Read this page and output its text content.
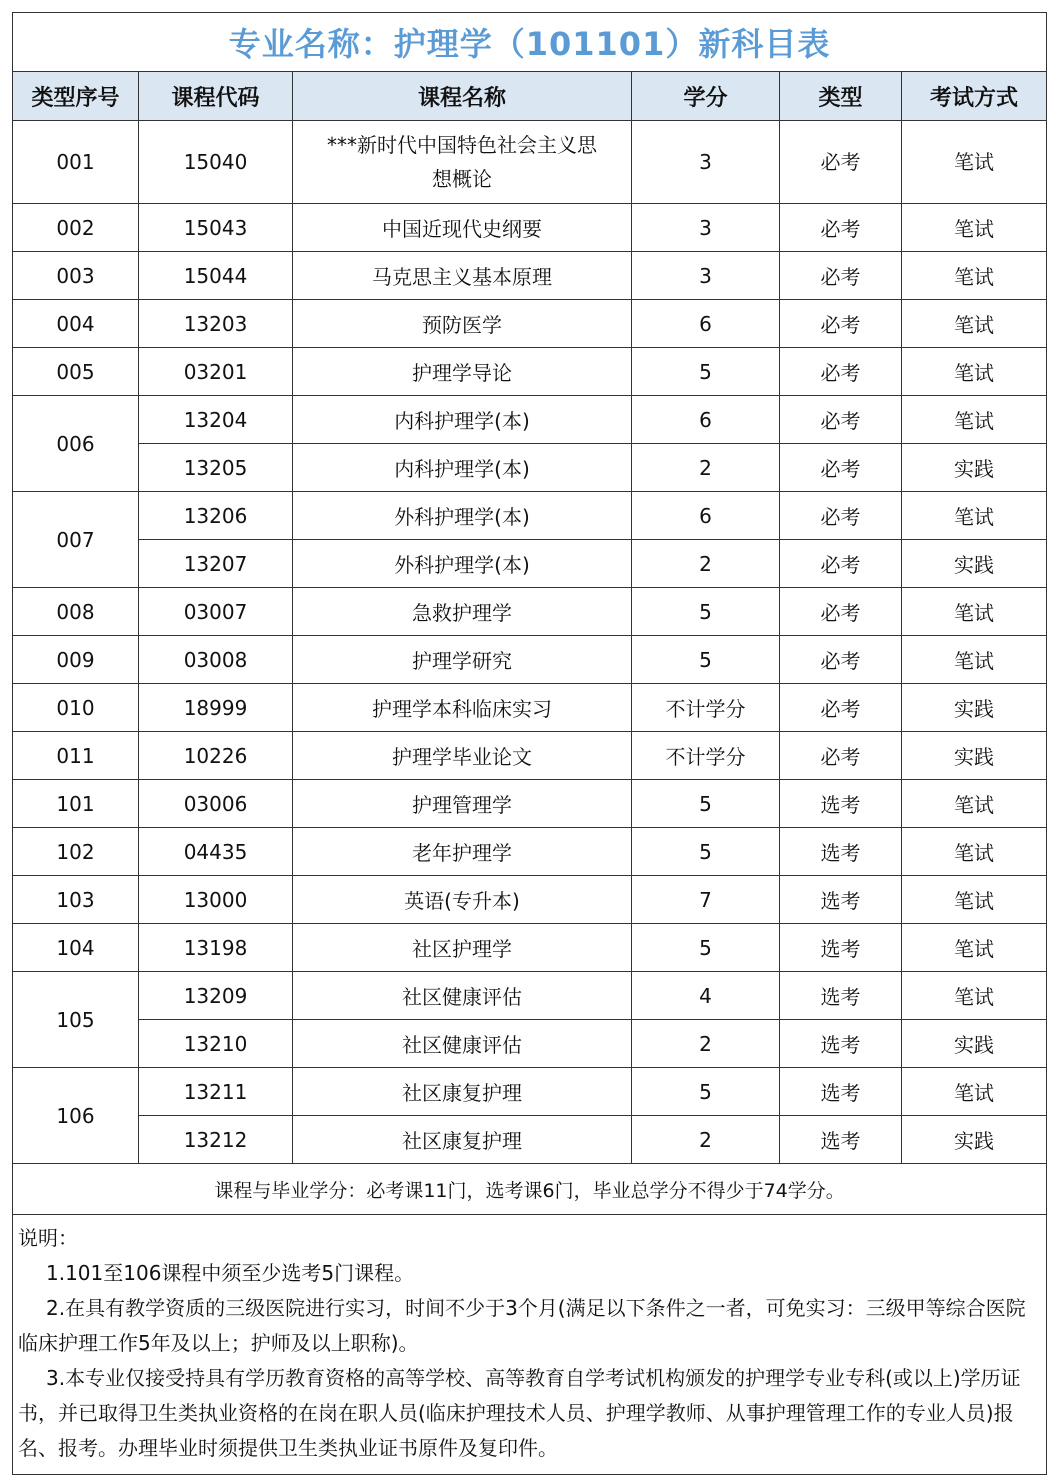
专业名称：护理学（101101）新科目表					
类型序号	课程代码	课程名称	学分	类型	考试方式
001	15040	***新时代中国特色社会主义思想概论	3	必考	笔试
002	15043	中国近现代史纲要	3	必考	笔试
003	15044	马克思主义基本原理	3	必考	笔试
004	13203	预防医学	6	必考	笔试
005	03201	护理学导论	5	必考	笔试
006	13204	内科护理学(本)	6	必考	笔试
	13205	内科护理学(本)	2	必考	实践
007	13206	外科护理学(本)	6	必考	笔试
	13207	外科护理学(本)	2	必考	实践
008	03007	急救护理学	5	必考	笔试
009	03008	护理学研究	5	必考	笔试
010	18999	护理学本科临床实习	不计学分	必考	实践
011	10226	护理学毕业论文	不计学分	必考	实践
101	03006	护理管理学	5	选考	笔试
102	04435	老年护理学	5	选考	笔试
103	13000	英语(专升本)	7	选考	笔试
104	13198	社区护理学	5	选考	笔试
105	13209	社区健康评估	4	选考	笔试
	13210	社区健康评估	2	选考	实践
106	13211	社区康复护理	5	选考	笔试
	13212	社区康复护理	2	选考	实践
课程与毕业学分：必考课11门，选考课6门，毕业总学分不得少于74学分。					

说明：
1.101至106课程中须至少选考5门课程。
2.在具有教学资质的三级医院进行实习，时间不少于3个月(满足以下条件之一者，可免实习：三级甲等综合医院临床护理工作5年及以上；护师及以上职称)。
3.本专业仅接受持具有学历教育资格的高等学校、高等教育自学考试机构颁发的护理学专业专科(或以上)学历证书，并已取得卫生类执业资格的在岗在职人员(临床护理技术人员、护理学教师、从事护理管理工作的专业人员)报名、报考。办理毕业时须提供卫生类执业证书原件及复印件。					
